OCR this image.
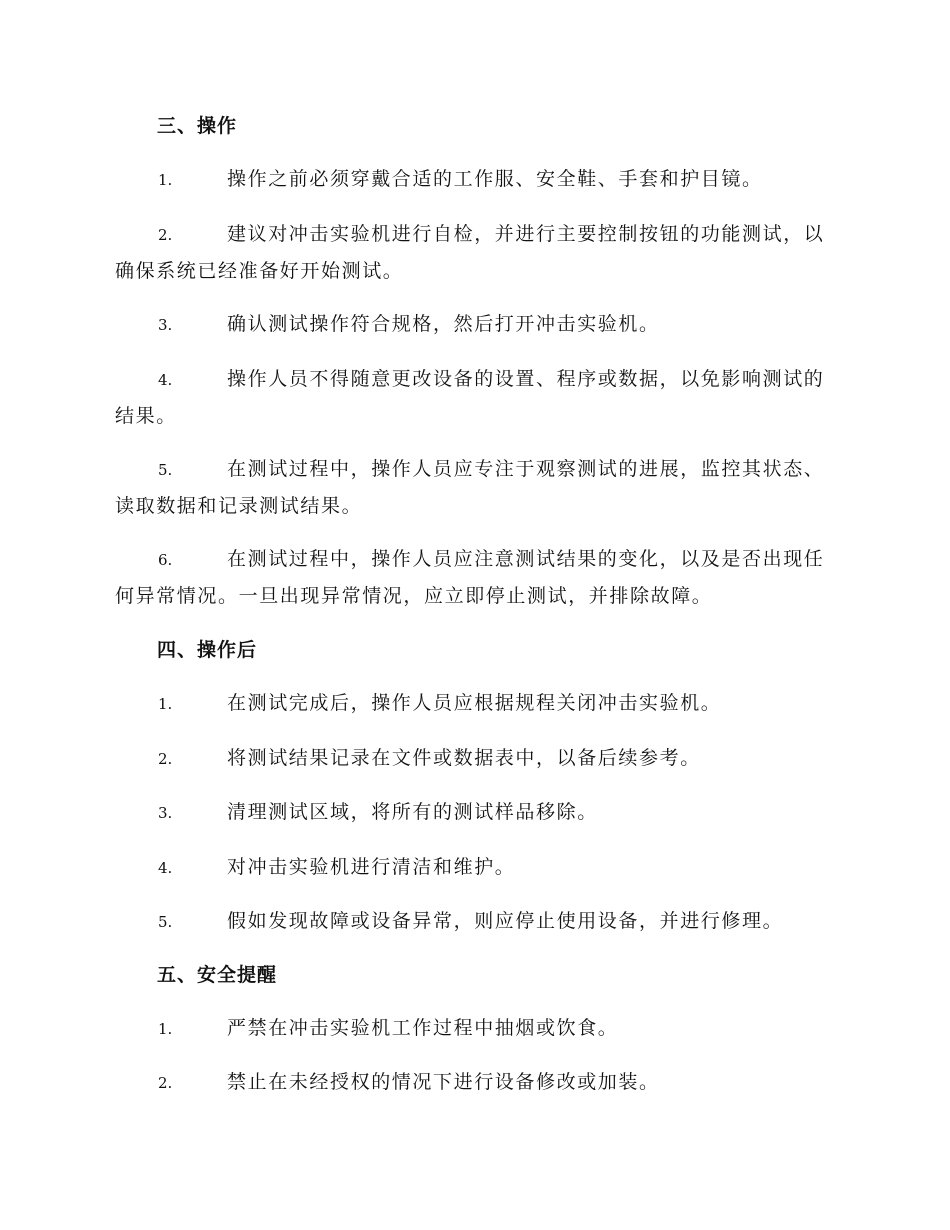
三、操作
1.	操作之前必须穿戴合适的工作服、安全鞋、手套和护目镜。
2.	建议对冲击实验机进行自检，并进行主要控制按钮的功能测试，以确保系统已经准备好开始测试。
3.	确认测试操作符合规格，然后打开冲击实验机。
4.	操作人员不得随意更改设备的设置、程序或数据，以免影响测试的结果。
5.	在测试过程中，操作人员应专注于观察测试的进展，监控其状态、读取数据和记录测试结果。
6.	在测试过程中，操作人员应注意测试结果的变化，以及是否出现任何异常情况。一旦出现异常情况，应立即停止测试，并排除故障。
四、操作后
1.	在测试完成后，操作人员应根据规程关闭冲击实验机。
2.	将测试结果记录在文件或数据表中，以备后续参考。
3.	清理测试区域，将所有的测试样品移除。
4.	对冲击实验机进行清洁和维护。
5.	假如发现故障或设备异常，则应停止使用设备，并进行修理。
五、安全提醒
1.	严禁在冲击实验机工作过程中抽烟或饮食。
2.	禁止在未经授权的情况下进行设备修改或加装。
